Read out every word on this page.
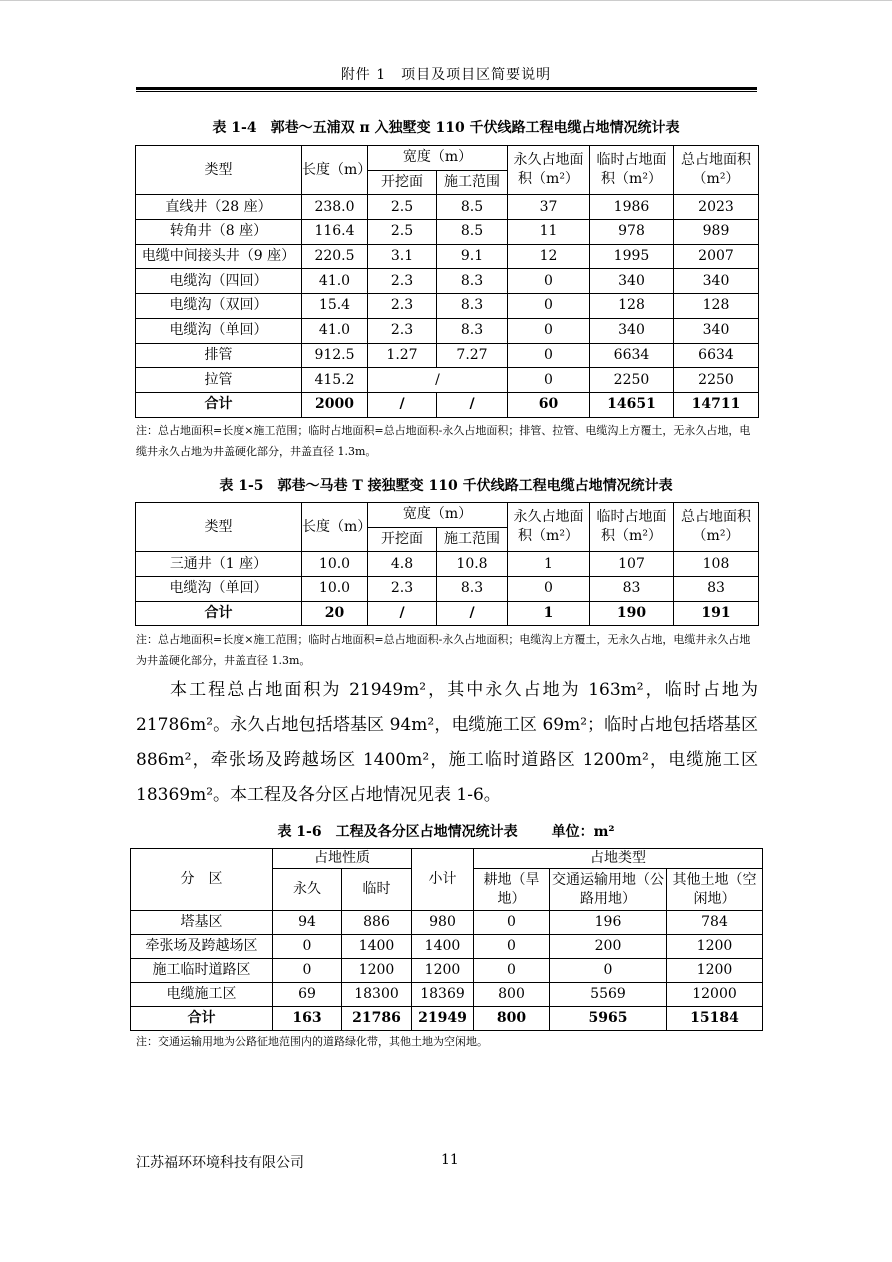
附件 1　项目及项目区简要说明
表 1-4　郭巷～五浦双 π 入独墅变 110 千伏线路工程电缆占地情况统计表
类型	长度（m）	宽度（m）		永久占地面积（m²）	临时占地面积（m²）	总占地面积（m²）
		开挖面	施工范围			
直线井（28 座）	238.0	2.5	8.5	37	1986	2023
转角井（8 座）	116.4	2.5	8.5	11	978	989
电缆中间接头井（9 座）	220.5	3.1	9.1	12	1995	2007
电缆沟（四回）	41.0	2.3	8.3	0	340	340
电缆沟（双回）	15.4	2.3	8.3	0	128	128
电缆沟（单回）	41.0	2.3	8.3	0	340	340
排管	912.5	1.27	7.27	0	6634	6634
拉管	415.2	/		0	2250	2250
合计	2000	/	/	60	14651	14711
注：总占地面积=长度×施工范围；临时占地面积=总占地面积-永久占地面积；排管、拉管、电缆沟上方覆土，无永久占地，电缆井永久占地为井盖硬化部分，井盖直径 1.3m。
表 1-5　郭巷～马巷 T 接独墅变 110 千伏线路工程电缆占地情况统计表
类型	长度（m）	宽度（m）		永久占地面积（m²）	临时占地面积（m²）	总占地面积（m²）
		开挖面	施工范围			
三通井（1 座）	10.0	4.8	10.8	1	107	108
电缆沟（单回）	10.0	2.3	8.3	0	83	83
合计	20	/	/	1	190	191
注：总占地面积=长度×施工范围；临时占地面积=总占地面积-永久占地面积；电缆沟上方覆土，无永久占地，电缆井永久占地为井盖硬化部分，井盖直径 1.3m。
本工程总占地面积为 21949m²，其中永久占地为 163m²，临时占地为 21786m²。永久占地包括塔基区 94m²，电缆施工区 69m²；临时占地包括塔基区 886m²，牵张场及跨越场区 1400m²，施工临时道路区 1200m²，电缆施工区 18369m²。本工程及各分区占地情况见表 1-6。
表 1-6　工程及各分区占地情况统计表 单位：m²
分　区	占地性质		小计	占地类型		
	永久	临时		耕地（旱地）	交通运输用地（公路用地）	其他土地（空闲地）
塔基区	94	886	980	0	196	784
牵张场及跨越场区	0	1400	1400	0	200	1200
施工临时道路区	0	1200	1200	0	0	1200
电缆施工区	69	18300	18369	800	5569	12000
合计	163	21786	21949	800	5965	15184
注：交通运输用地为公路征地范围内的道路绿化带，其他土地为空闲地。
江苏福环环境科技有限公司	11
